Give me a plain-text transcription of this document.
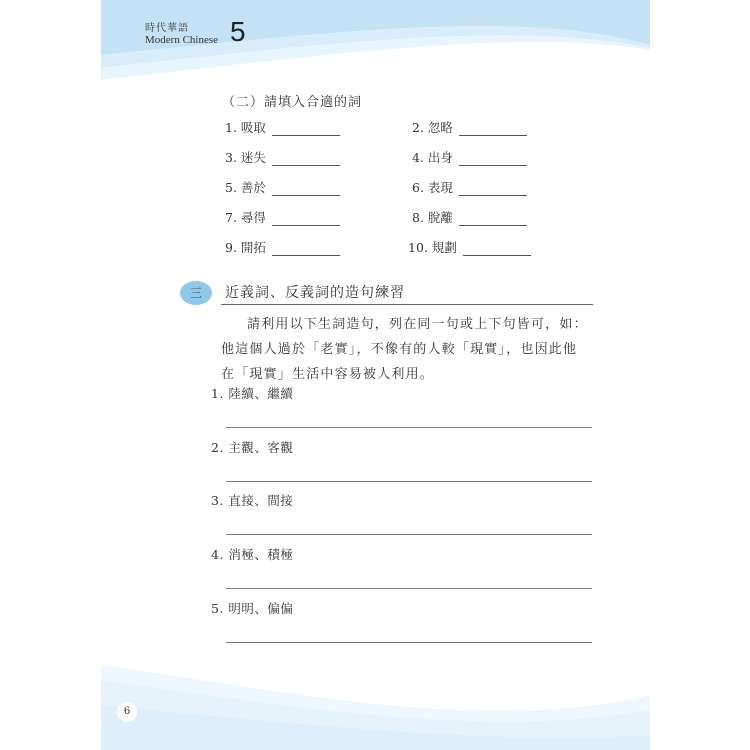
時代華語
Modern Chinese 5
（二）請填入合適的詞
1. 吸取	2. 忽略
3. 迷失	4. 出身
5. 善於	6. 表現
7. 尋得	8. 脫離
9. 開拓	10. 規劃
三	近義詞、反義詞的造句練習

請利用以下生詞造句，列在同一句或上下句皆可，如：

他這個人過於「老實」，不像有的人較「現實」，也因此他

在「現實」生活中容易被人利用。

1. 陸續、繼續
2. 主觀、客觀
3. 直接、間接
4. 消極、積極
5. 明明、偏偏
6
